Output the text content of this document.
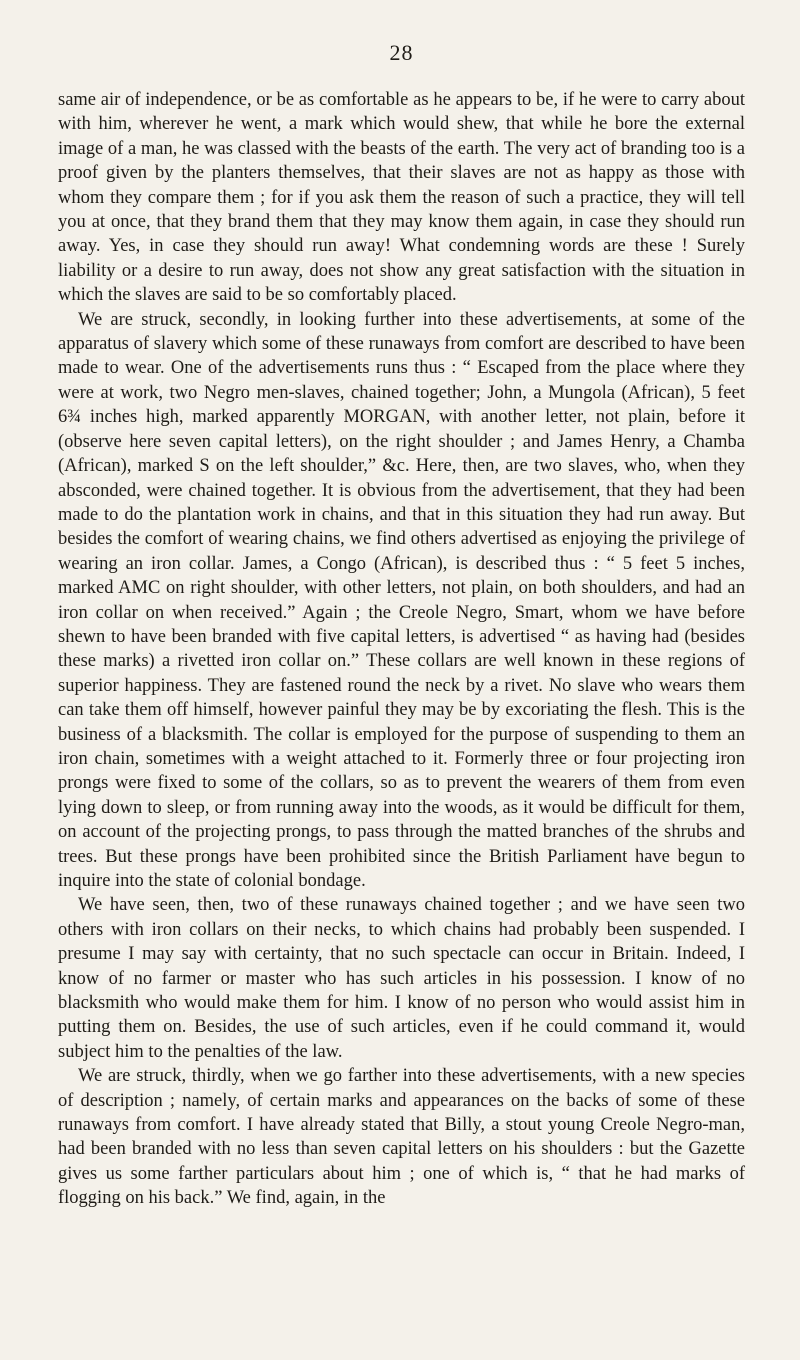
28

same air of independence, or be as comfortable as he appears to be, if he were to carry about with him, wherever he went, a mark which would shew, that while he bore the external image of a man, he was classed with the beasts of the earth. The very act of branding too is a proof given by the planters themselves, that their slaves are not as happy as those with whom they compare them ; for if you ask them the reason of such a practice, they will tell you at once, that they brand them that they may know them again, in case they should run away. Yes, in case they should run away! What condemning words are these ! Surely liability or a desire to run away, does not show any great satisfaction with the situation in which the slaves are said to be so comfortably placed.

We are struck, secondly, in looking further into these advertisements, at some of the apparatus of slavery which some of these runaways from comfort are described to have been made to wear. One of the advertisements runs thus : “ Escaped from the place where they were at work, two Negro men-slaves, chained together; John, a Mungola (African), 5 feet 6¾ inches high, marked apparently MORGAN, with another letter, not plain, before it (observe here seven capital letters), on the right shoulder ; and James Henry, a Chamba (African), marked S on the left shoulder,” &c. Here, then, are two slaves, who, when they absconded, were chained together. It is obvious from the advertisement, that they had been made to do the plantation work in chains, and that in this situation they had run away. But besides the comfort of wearing chains, we find others advertised as enjoying the privilege of wearing an iron collar. James, a Congo (African), is described thus : “ 5 feet 5 inches, marked AMC on right shoulder, with other letters, not plain, on both shoulders, and had an iron collar on when received.” Again ; the Creole Negro, Smart, whom we have before shewn to have been branded with five capital letters, is advertised “ as having had (besides these marks) a rivetted iron collar on.” These collars are well known in these regions of superior happiness. They are fastened round the neck by a rivet. No slave who wears them can take them off himself, however painful they may be by excoriating the flesh. This is the business of a blacksmith. The collar is employed for the purpose of suspending to them an iron chain, sometimes with a weight attached to it. Formerly three or four projecting iron prongs were fixed to some of the collars, so as to prevent the wearers of them from even lying down to sleep, or from running away into the woods, as it would be difficult for them, on account of the projecting prongs, to pass through the matted branches of the shrubs and trees. But these prongs have been prohibited since the British Parliament have begun to inquire into the state of colonial bondage.

We have seen, then, two of these runaways chained together ; and we have seen two others with iron collars on their necks, to which chains had probably been suspended. I presume I may say with certainty, that no such spectacle can occur in Britain. Indeed, I know of no farmer or master who has such articles in his possession. I know of no blacksmith who would make them for him. I know of no person who would assist him in putting them on. Besides, the use of such articles, even if he could command it, would subject him to the penalties of the law.

We are struck, thirdly, when we go farther into these advertisements, with a new species of description ; namely, of certain marks and appearances on the backs of some of these runaways from comfort. I have already stated that Billy, a stout young Creole Negro-man, had been branded with no less than seven capital letters on his shoulders : but the Gazette gives us some farther particulars about him ; one of which is, “ that he had marks of flogging on his back.” We find, again, in the
